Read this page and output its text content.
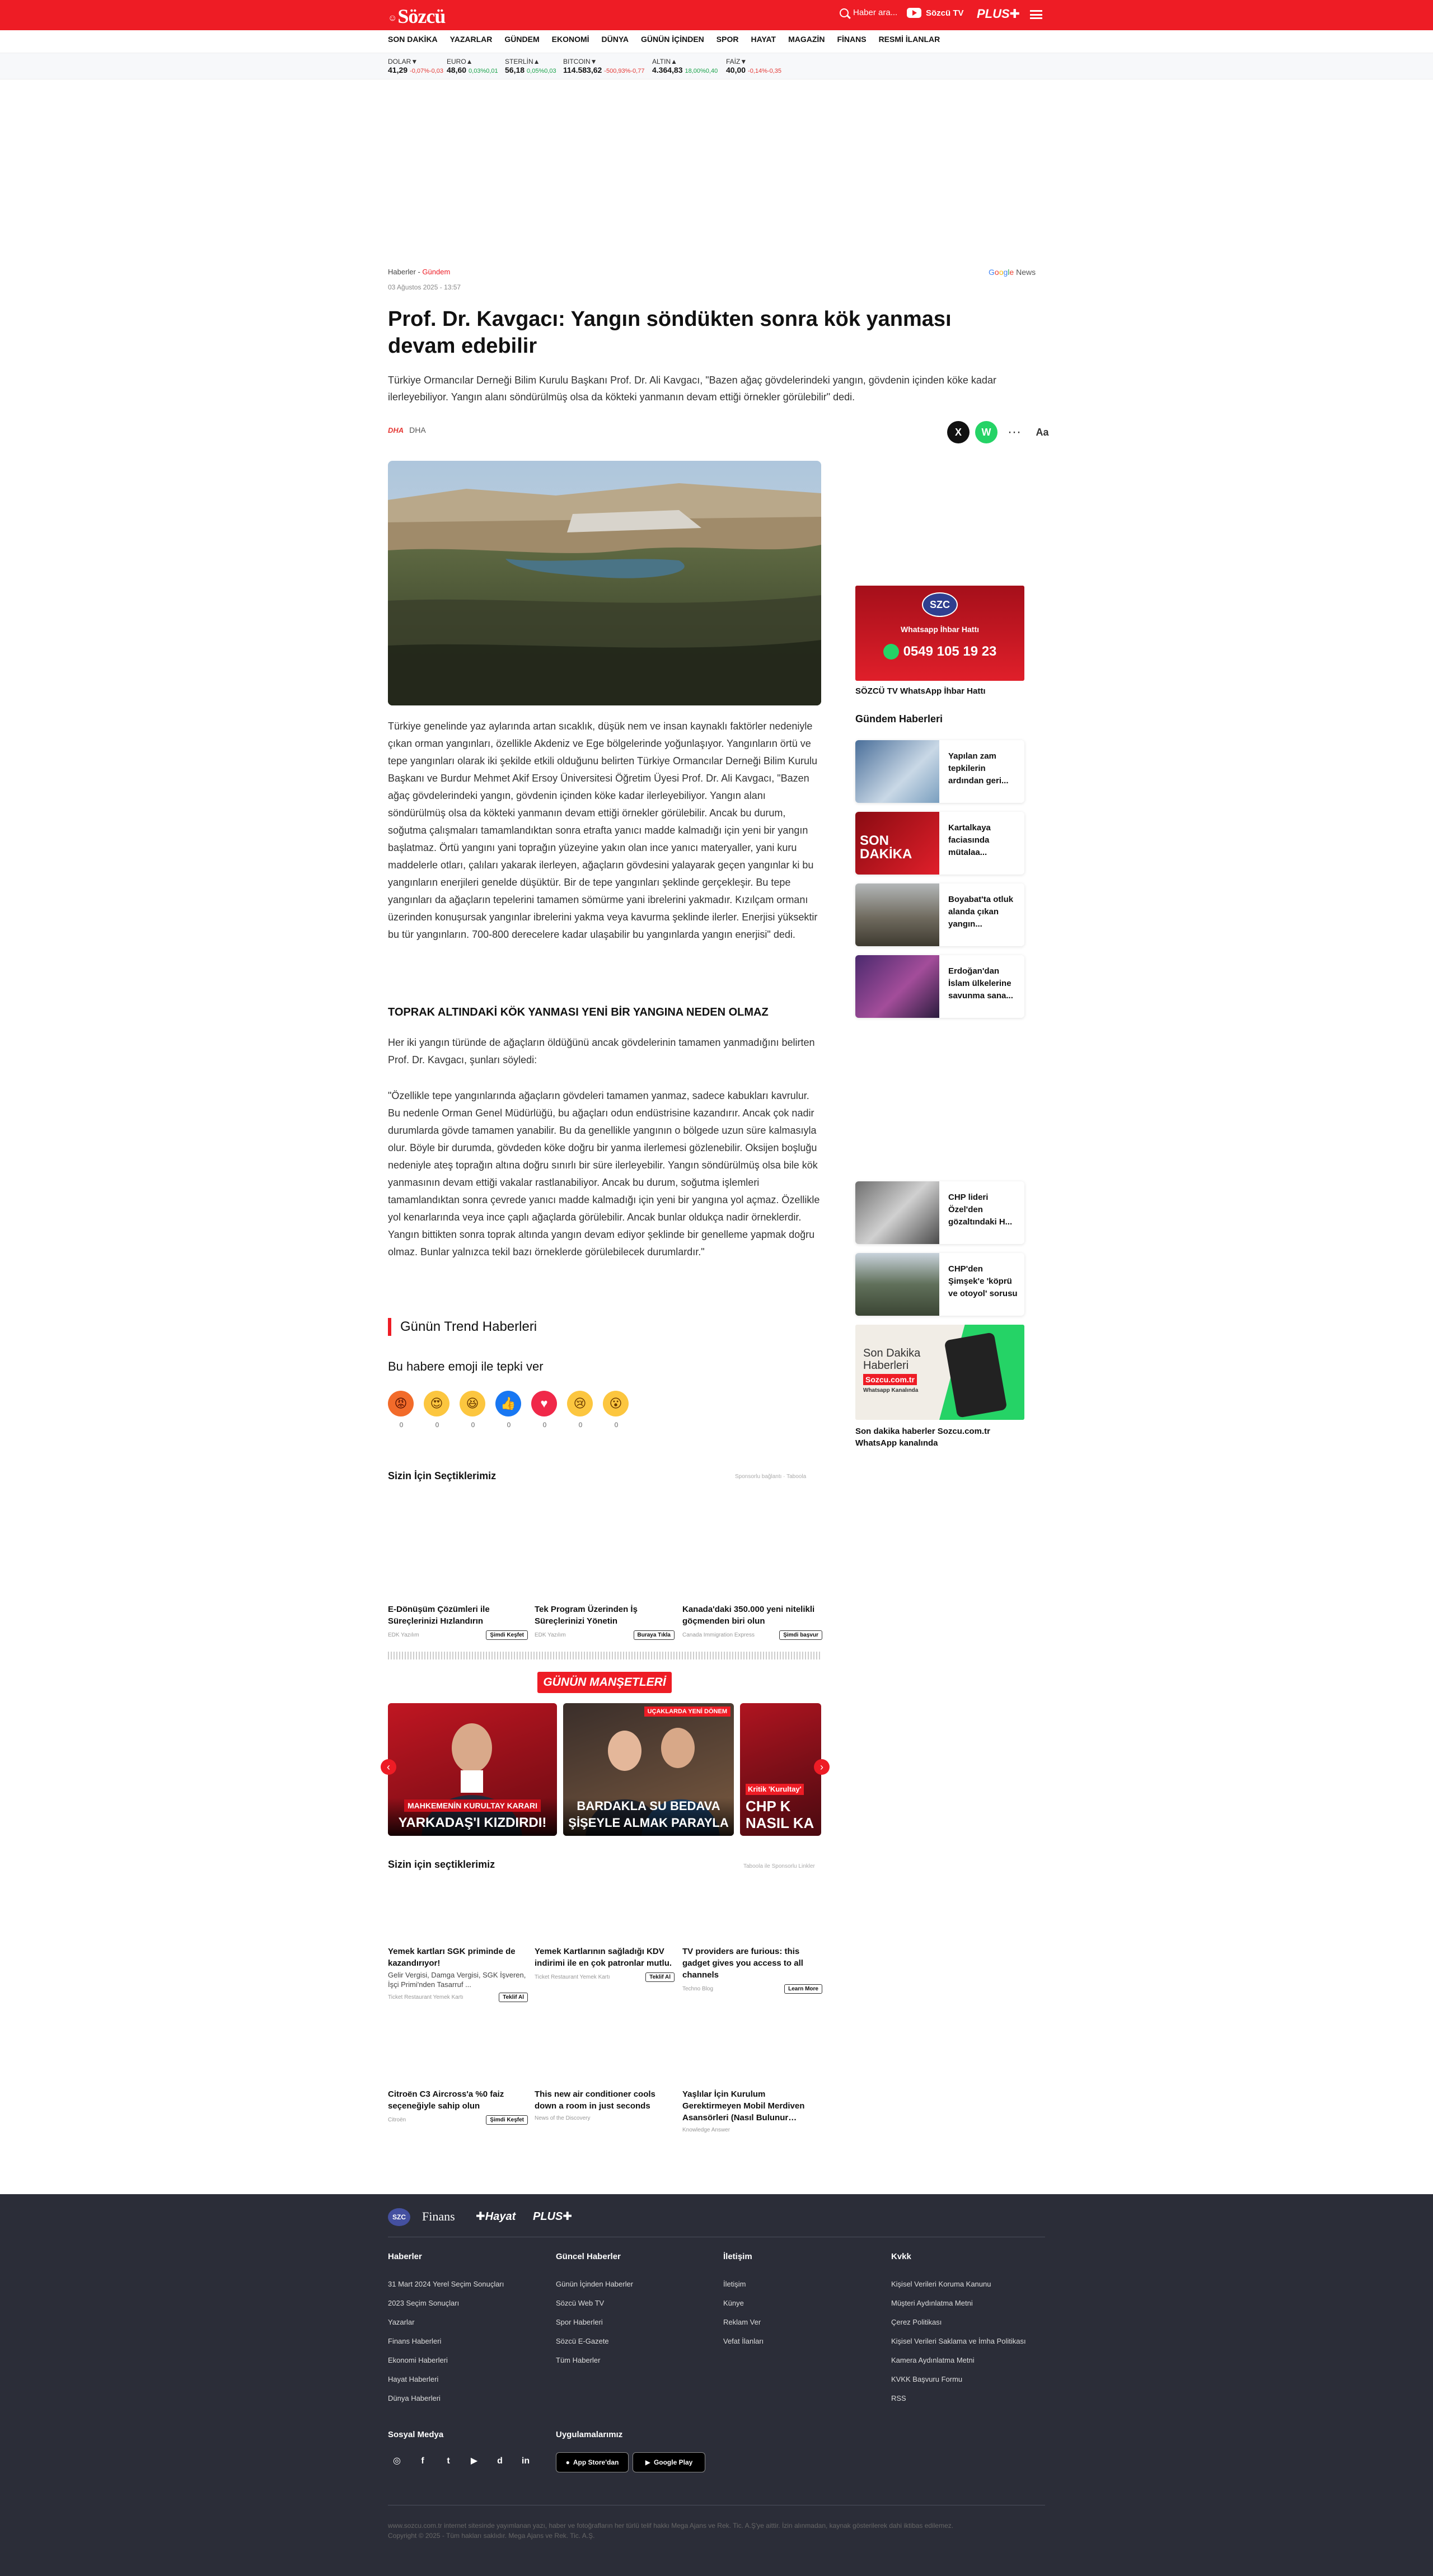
☺Sözcü	Haber ara...	Sözcü TV PLUS✚
SON DAKİKA YAZARLAR GÜNDEM EKONOMİ DÜNYA GÜNÜN İÇİNDEN SPOR HAYAT MAGAZİN FİNANS RESMİ İLANLAR
DOLAR▼
41,29 -0,07%-0,03
EURO▲
48,60 0,03%0,01
STERLİN▲
56,18 0,05%0,03
BITCOIN▼
114.583,62 -500,93%-0,77
ALTIN▲
4.364,83 18,00%0,40
FAİZ▼
40,00 -0,14%-0,35
Haberler - Gündem
03 Ağustos 2025 - 13:57
Google News
Prof. Dr. Kavgacı: Yangın söndükten sonra kök yanması devam edebilir
Türkiye Ormancılar Derneği Bilim Kurulu Başkanı Prof. Dr. Ali Kavgacı, "Bazen ağaç gövdelerindeki yangın, gövdenin içinden köke kadar ilerleyebiliyor. Yangın alanı söndürülmüş olsa da kökteki yanmanın devam ettiği örnekler görülebilir" dedi.
DHA DHA	X	W	···	Aa
Türkiye genelinde yaz aylarında artan sıcaklık, düşük nem ve insan kaynaklı faktörler nedeniyle çıkan orman yangınları, özellikle Akdeniz ve Ege bölgelerinde yoğunlaşıyor. Yangınların örtü ve tepe yangınları olarak iki şekilde etkili olduğunu belirten Türkiye Ormancılar Derneği Bilim Kurulu Başkanı ve Burdur Mehmet Akif Ersoy Üniversitesi Öğretim Üyesi Prof. Dr. Ali Kavgacı, "Bazen ağaç gövdelerindeki yangın, gövdenin içinden köke kadar ilerleyebiliyor. Yangın alanı söndürülmüş olsa da kökteki yanmanın devam ettiği örnekler görülebilir. Ancak bu durum, soğutma çalışmaları tamamlandıktan sonra etrafta yanıcı madde kalmadığı için yeni bir yangın başlatmaz. Örtü yangını yani toprağın yüzeyine yakın olan ince yanıcı materyaller, yani kuru maddelerle otları, çalıları yakarak ilerleyen, ağaçların gövdesini yalayarak geçen yangınlar ki bu yangınların enerjileri genelde düşüktür. Bir de tepe yangınları şeklinde gerçekleşir. Bu tepe yangınları da ağaçların tepelerini tamamen sömürme yani ibrelerini yakmadır. Kızılçam ormanı üzerinden konuşursak yangınlar ibrelerini yakma veya kavurma şeklinde ilerler. Enerjisi yüksektir bu tür yangınların. 700-800 derecelere kadar ulaşabilir bu yangınlarda yangın enerjisi" dedi.
TOPRAK ALTINDAKİ KÖK YANMASI YENİ BİR YANGINA NEDEN OLMAZ
Her iki yangın türünde de ağaçların öldüğünü ancak gövdelerinin tamamen yanmadığını belirten Prof. Dr. Kavgacı, şunları söyledi:
"Özellikle tepe yangınlarında ağaçların gövdeleri tamamen yanmaz, sadece kabukları kavrulur. Bu nedenle Orman Genel Müdürlüğü, bu ağaçları odun endüstrisine kazandırır. Ancak çok nadir durumlarda gövde tamamen yanabilir. Bu da genellikle yangının o bölgede uzun süre kalmasıyla olur. Böyle bir durumda, gövdeden köke doğru bir yanma ilerlemesi gözlenebilir. Oksijen boşluğu nedeniyle ateş toprağın altına doğru sınırlı bir süre ilerleyebilir. Yangın söndürülmüş olsa bile kök yanmasının devam ettiği vakalar rastlanabiliyor. Ancak bu durum, soğutma işlemleri tamamlandıktan sonra çevrede yanıcı madde kalmadığı için yeni bir yangına yol açmaz. Özellikle yol kenarlarında veya ince çaplı ağaçlarda görülebilir. Ancak bunlar oldukça nadir örneklerdir. Yangın bittikten sonra toprak altında yangın devam ediyor şeklinde bir genelleme yapmak doğru olmaz. Bunlar yalnızca tekil bazı örneklerde görülebilecek durumlardır."
Günün Trend Haberleri
Bu habere emoji ile tepki ver
😡
0
😍
0
😆
0
👍
0
♥
0
😢
0
😮
0
Sizin İçin Seçtiklerimiz	Sponsorlu bağlantı · Taboola
E-Dönüşüm Çözümleri ile Süreçlerinizi Hızlandırın
EDK Yazılım	Şimdi Keşfet
Tek Program Üzerinden İş Süreçlerinizi Yönetin
EDK Yazılım	Buraya Tıkla
Kanada'daki 350.000 yeni nitelikli göçmenden biri olun
Canada Immigration Express	Şimdi başvur
GÜNÜN MANŞETLERİ
MAHKEMENİN KURULTAY KARARI
YARKADAŞ'I KIZDIRDI!
UÇAKLARDA YENİ DÖNEM
BARDAKLA SU BEDAVA
ŞİŞEYLE ALMAK PARAYLA
Kritik 'Kurultay'
CHP K NASIL KA
‹	›
Sizin için seçtiklerimiz	Taboola ile Sponsorlu Linkler
Yemek kartları SGK priminde de kazandırıyor!
Gelir Vergisi, Damga Vergisi, SGK İşveren, İşçi Primi'nden Tasarruf ...
Ticket Restaurant Yemek Kartı	Teklif Al
Yemek Kartlarının sağladığı KDV indirimi ile en çok patronlar mutlu.
Ticket Restaurant Yemek Kartı	Teklif Al
TV providers are furious: this gadget gives you access to all channels
Techno Blog	Learn More
Citroën C3 Aircross'a %0 faiz seçeneğiyle sahip olun
Citroën	Şimdi Keşfet
This new air conditioner cools down a room in just seconds
News of the Discovery
Yaşlılar İçin Kurulum Gerektirmeyen Mobil Merdiven Asansörleri (Nasıl Bulunur…
Knowledge Answer
SZC
Whatsapp İhbar Hattı
0549 105 19 23
SÖZCÜ TV WhatsApp İhbar Hattı
Gündem Haberleri
Yapılan zam tepkilerin ardından geri...
SON DAKİKA
Kartalkaya faciasında mütalaa...
Boyabat'ta otluk alanda çıkan yangın...
Erdoğan'dan İslam ülkelerine savunma sana...
CHP lideri Özel'den gözaltındaki H...
CHP'den Şimşek'e 'köprü ve otoyol' sorusu
Son Dakika
Haberleri
Sozcu.com.tr
Whatsapp Kanalında
Son dakika haberler Sozcu.com.tr WhatsApp kanalında
SZC	Finans ✚Hayat PLUS✚
Haberler
31 Mart 2024 Yerel Seçim Sonuçları
2023 Seçim Sonuçları
Yazarlar
Finans Haberleri
Ekonomi Haberleri
Hayat Haberleri
Dünya Haberleri
Güncel Haberler
Günün İçinden Haberler
Sözcü Web TV
Spor Haberleri
Sözcü E-Gazete
Tüm Haberler
İletişim
İletişim
Künye
Reklam Ver
Vefat İlanları
Kvkk
Kişisel Verileri Koruma Kanunu
Müşteri Aydınlatma Metni
Çerez Politikası
Kişisel Verileri Saklama ve İmha Politikası
Kamera Aydınlatma Metni
KVKK Başvuru Formu
RSS
Sosyal Medya
◎	f	t	▶	d	in
Uygulamalarımız
● App Store'dan	▶ Google Play
www.sozcu.com.tr internet sitesinde yayımlanan yazı, haber ve fotoğrafların her türlü telif hakkı Mega Ajans ve Rek. Tic. A.Ş'ye aittir. İzin alınmadan, kaynak gösterilerek dahi iktibas edilemez.
Copyright © 2025 - Tüm hakları saklıdır. Mega Ajans ve Rek. Tic. A.Ş.
